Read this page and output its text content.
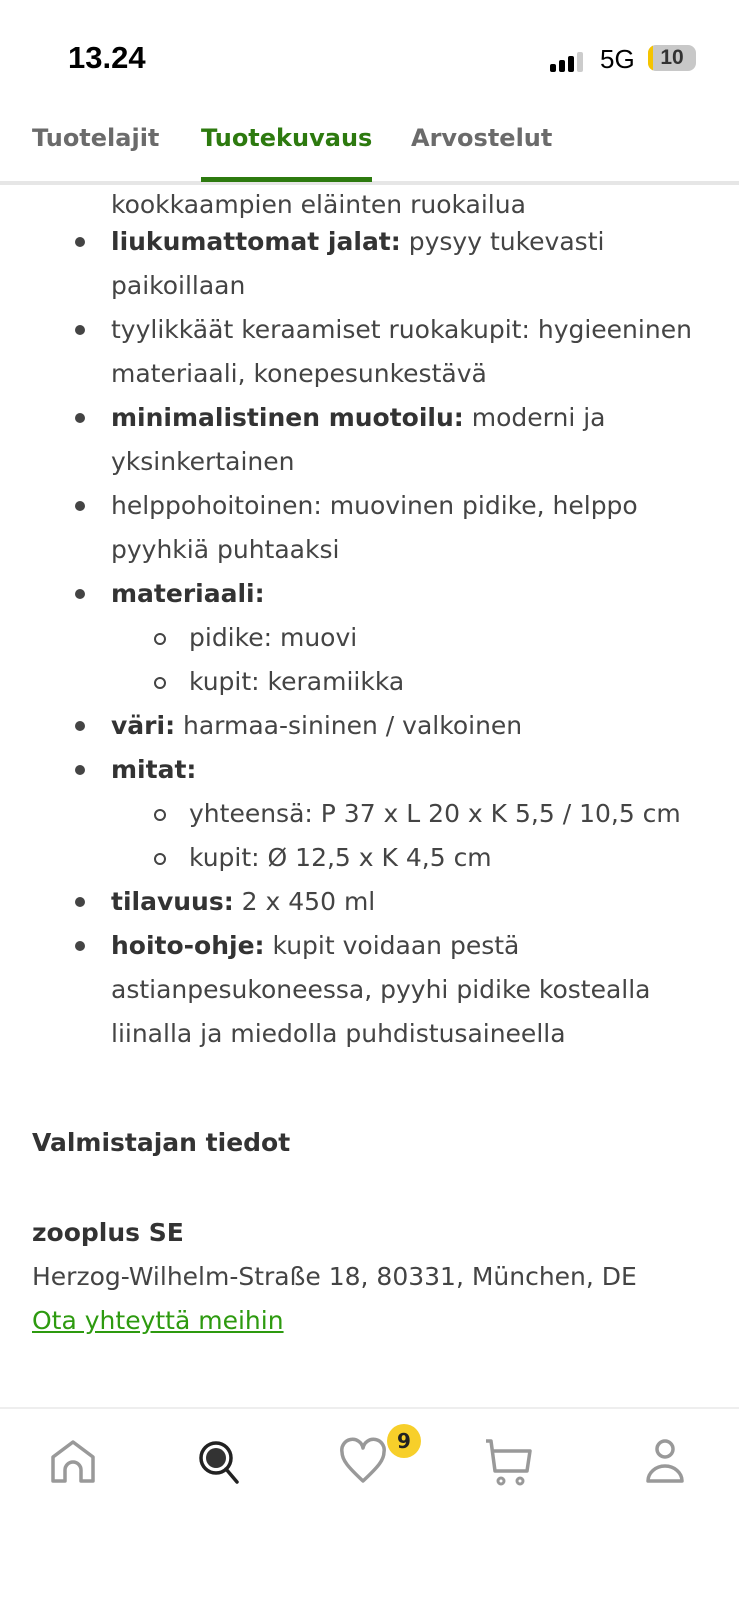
13.24	5G	10
Tuotelajit Tuotekuvaus Arvostelut
kookkaampien eläinten ruokailua
liukumattomat jalat: pysyy tukevasti paikoillaan
tyylikkäät keraamiset ruokakupit: hygieeninen materiaali, konepesunkestävä
minimalistinen muotoilu: moderni ja yksinkertainen
helppohoitoinen: muovinen pidike, helppo pyyhkiä puhtaaksi
materiaali:
pidike: muovi
kupit: keramiikka
väri: harmaa-sininen / valkoinen
mitat:
yhteensä: P 37 x L 20 x K 5,5 / 10,5 cm
kupit: Ø 12,5 x K 4,5 cm
tilavuus: 2 x 450 ml
hoito-ohje: kupit voidaan pestä astianpesukoneessa, pyyhi pidike kostealla liinalla ja miedolla puhdistusaineella
Valmistajan tiedot
zooplus SE
Herzog-Wilhelm-Straße 18, 80331, München, DE
Ota yhteyttä meihin
9
